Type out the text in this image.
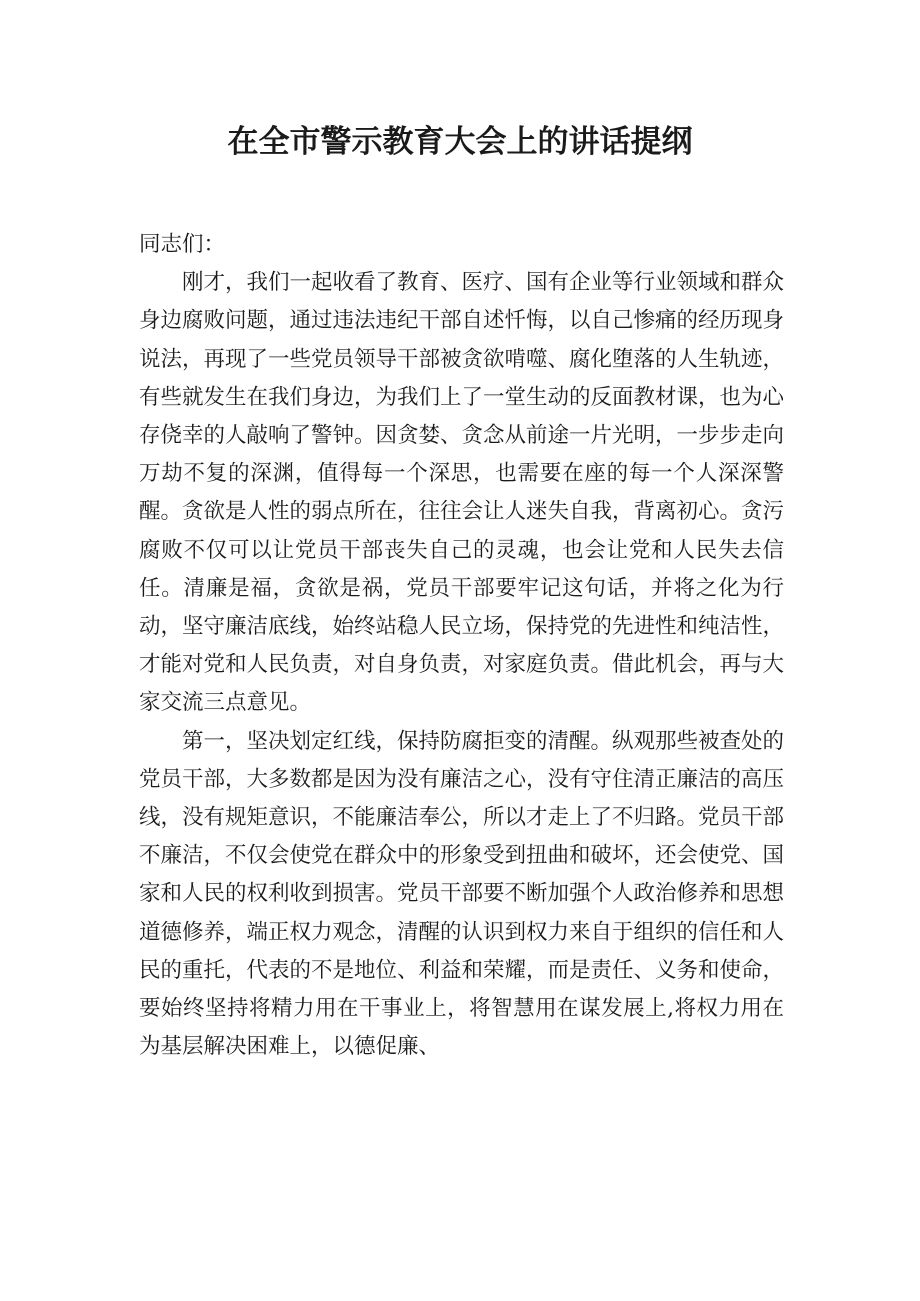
在全市警示教育大会上的讲话提纲

同志们：

刚才，我们一起收看了教育、医疗、国有企业等行业领域和群众身边腐败问题，通过违法违纪干部自述忏悔，以自己惨痛的经历现身说法，再现了一些党员领导干部被贪欲啃噬、腐化堕落的人生轨迹，有些就发生在我们身边，为我们上了一堂生动的反面教材课，也为心存侥幸的人敲响了警钟。因贪婪、贪念从前途一片光明，一步步走向万劫不复的深渊，值得每一个深思，也需要在座的每一个人深深警醒。贪欲是人性的弱点所在，往往会让人迷失自我，背离初心。贪污腐败不仅可以让党员干部丧失自己的灵魂，也会让党和人民失去信任。清廉是福，贪欲是祸，党员干部要牢记这句话，并将之化为行动，坚守廉洁底线，始终站稳人民立场，保持党的先进性和纯洁性，才能对党和人民负责，对自身负责，对家庭负责。借此机会，再与大家交流三点意见。

第一，坚决划定红线，保持防腐拒变的清醒。纵观那些被查处的党员干部，大多数都是因为没有廉洁之心，没有守住清正廉洁的高压线，没有规矩意识，不能廉洁奉公，所以才走上了不归路。党员干部不廉洁，不仅会使党在群众中的形象受到扭曲和破坏，还会使党、国家和人民的权利收到损害。党员干部要不断加强个人政治修养和思想道德修养，端正权力观念，清醒的认识到权力来自于组织的信任和人民的重托，代表的不是地位、利益和荣耀，而是责任、义务和使命，要始终坚持将精力用在干事业上，将智慧用在谋发展上,将权力用在为基层解决困难上，以德促廉、
